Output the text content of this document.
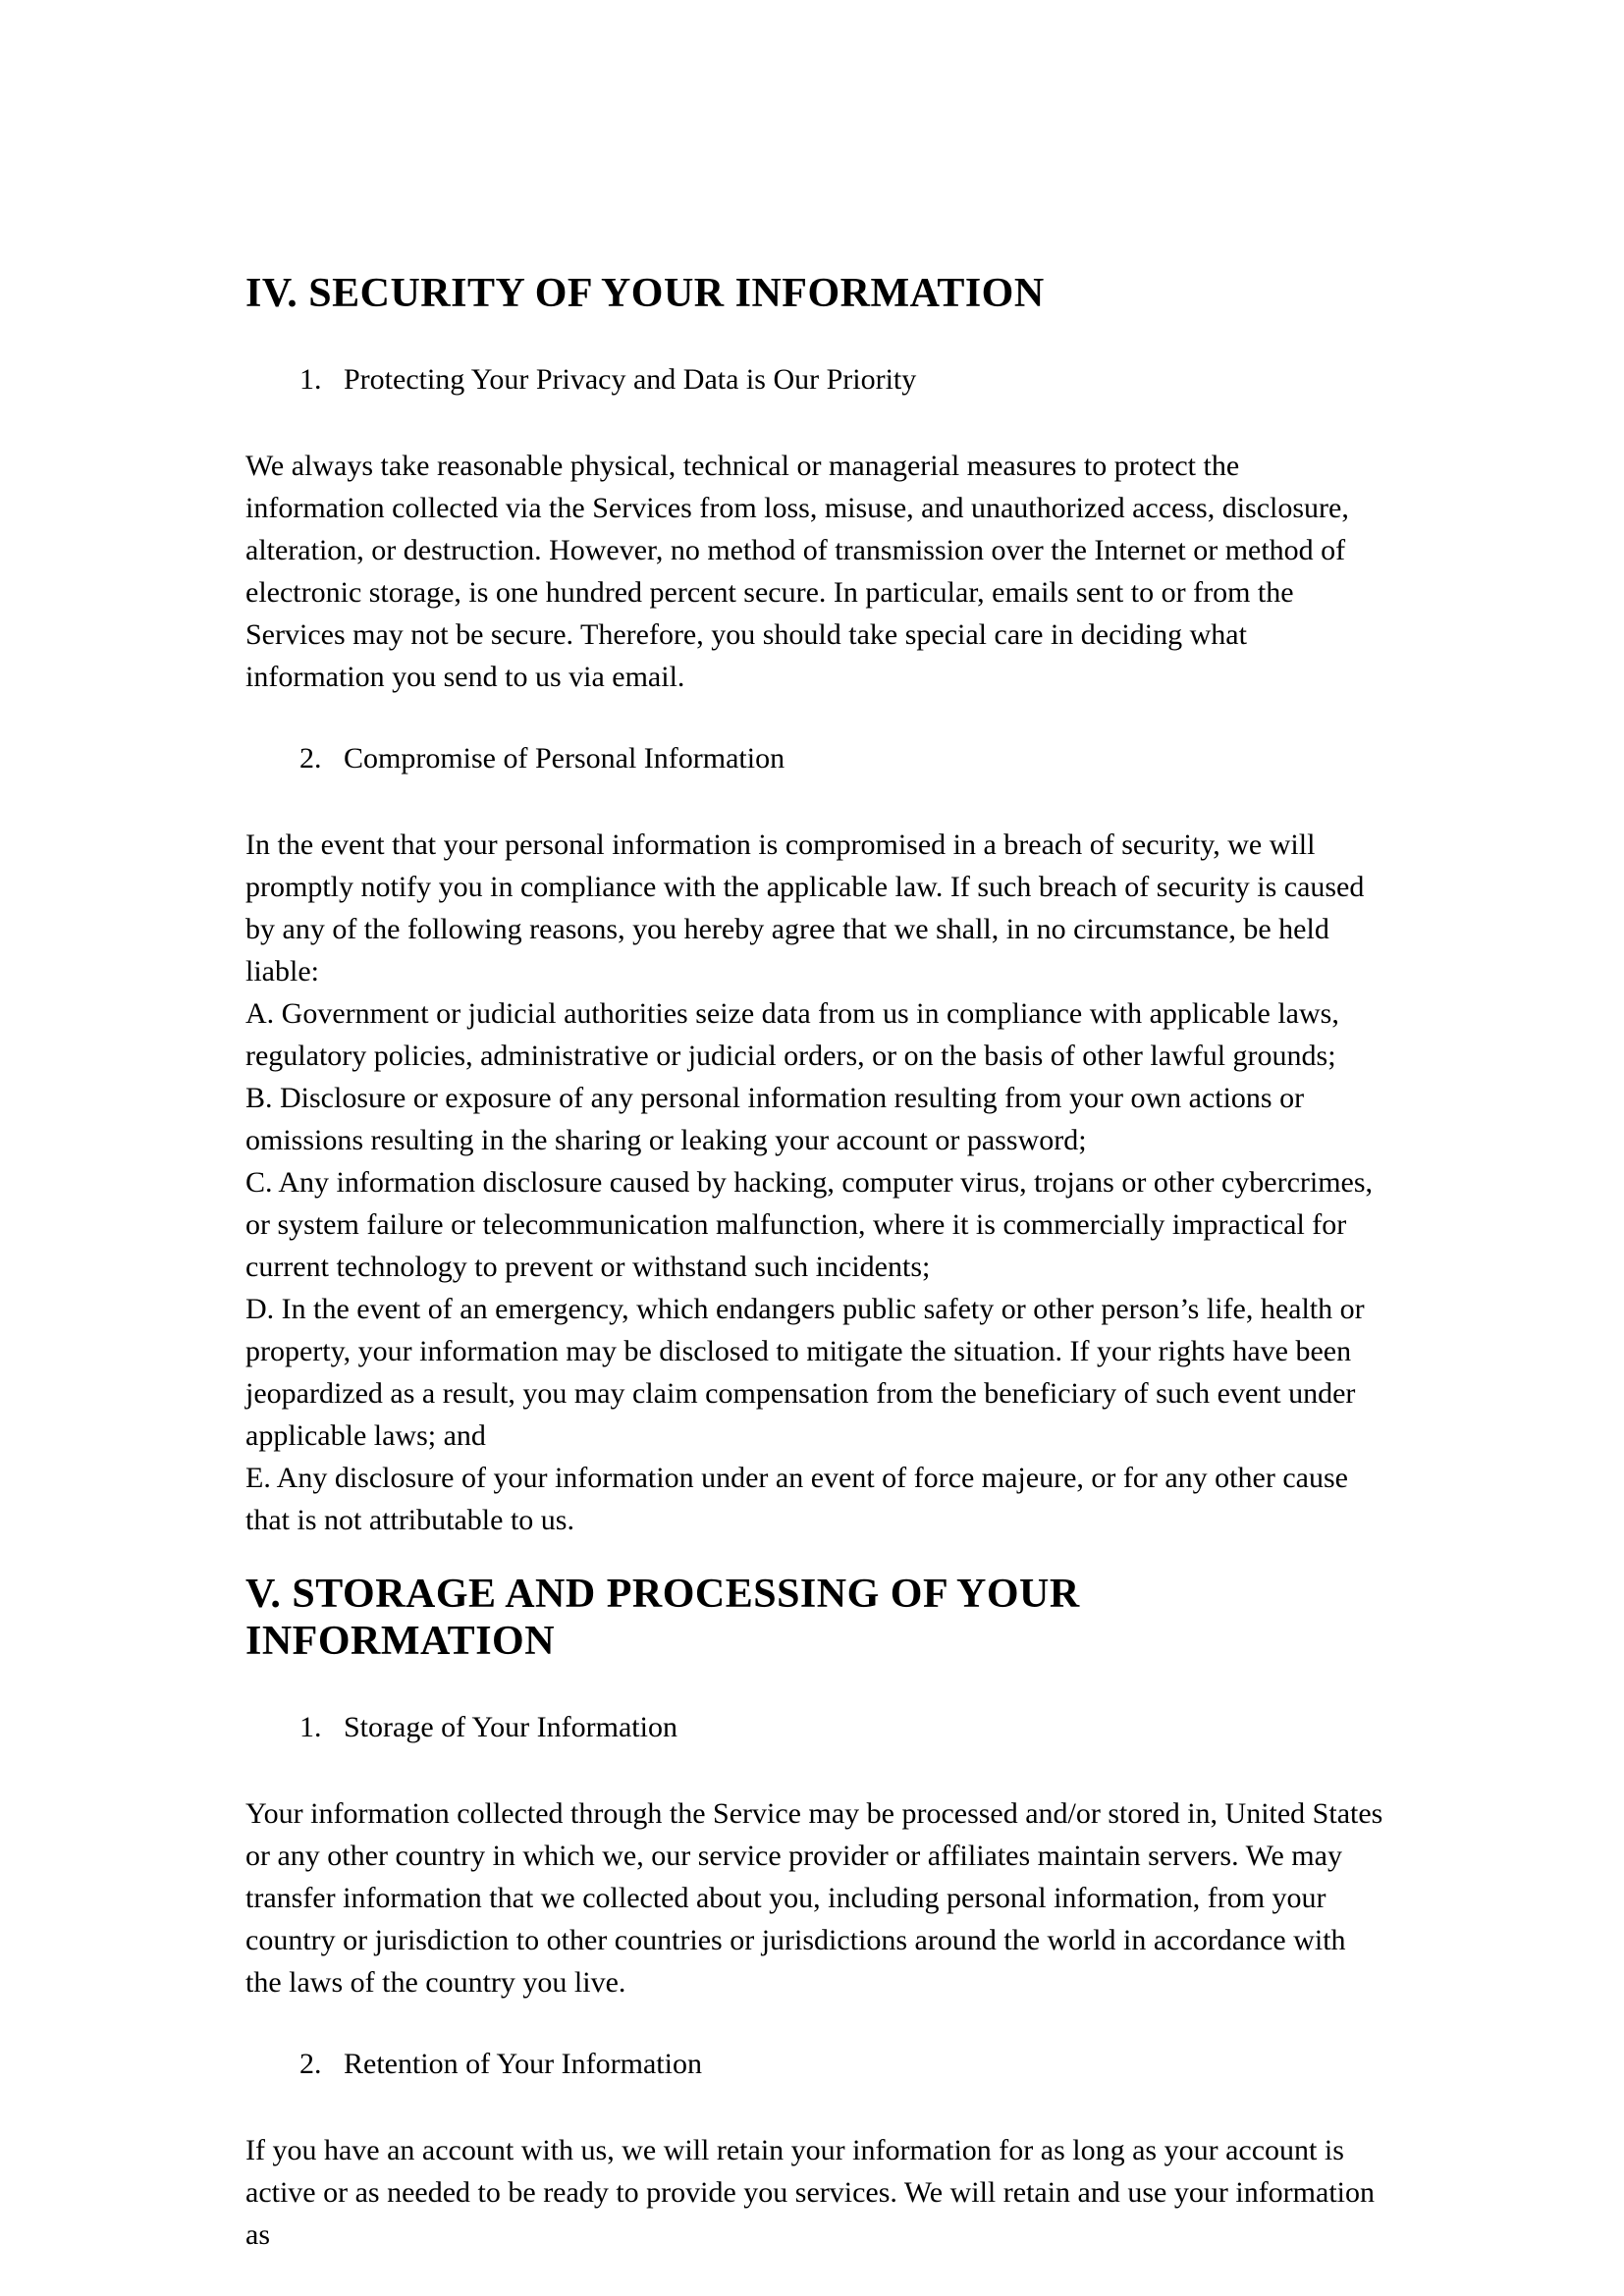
IV. SECURITY OF YOUR INFORMATION
1. Protecting Your Privacy and Data is Our Priority

We always take reasonable physical, technical or managerial measures to protect the information collected via the Services from loss, misuse, and unauthorized access, disclosure, alteration, or destruction. However, no method of transmission over the Internet or method of electronic storage, is one hundred percent secure. In particular, emails sent to or from the Services may not be secure. Therefore, you should take special care in deciding what information you send to us via email.

2. Compromise of Personal Information

In the event that your personal information is compromised in a breach of security, we will promptly notify you in compliance with the applicable law. If such breach of security is caused by any of the following reasons, you hereby agree that we shall, in no circumstance, be held liable:

A. Government or judicial authorities seize data from us in compliance with applicable laws, regulatory policies, administrative or judicial orders, or on the basis of other lawful grounds;

B. Disclosure or exposure of any personal information resulting from your own actions or omissions resulting in the sharing or leaking your account or password;

C. Any information disclosure caused by hacking, computer virus, trojans or other cybercrimes, or system failure or telecommunication malfunction, where it is commercially impractical for current technology to prevent or withstand such incidents;

D. In the event of an emergency, which endangers public safety or other person’s life, health or property, your information may be disclosed to mitigate the situation. If your rights have been jeopardized as a result, you may claim compensation from the beneficiary of such event under applicable laws; and

E. Any disclosure of your information under an event of force majeure, or for any other cause that is not attributable to us.

V. STORAGE AND PROCESSING OF YOUR INFORMATION
1. Storage of Your Information

Your information collected through the Service may be processed and/or stored in, United States or any other country in which we, our service provider or affiliates maintain servers. We may transfer information that we collected about you, including personal information, from your country or jurisdiction to other countries or jurisdictions around the world in accordance with the laws of the country you live.

2. Retention of Your Information

If you have an account with us, we will retain your information for as long as your account is active or as needed to be ready to provide you services. We will retain and use your information as
